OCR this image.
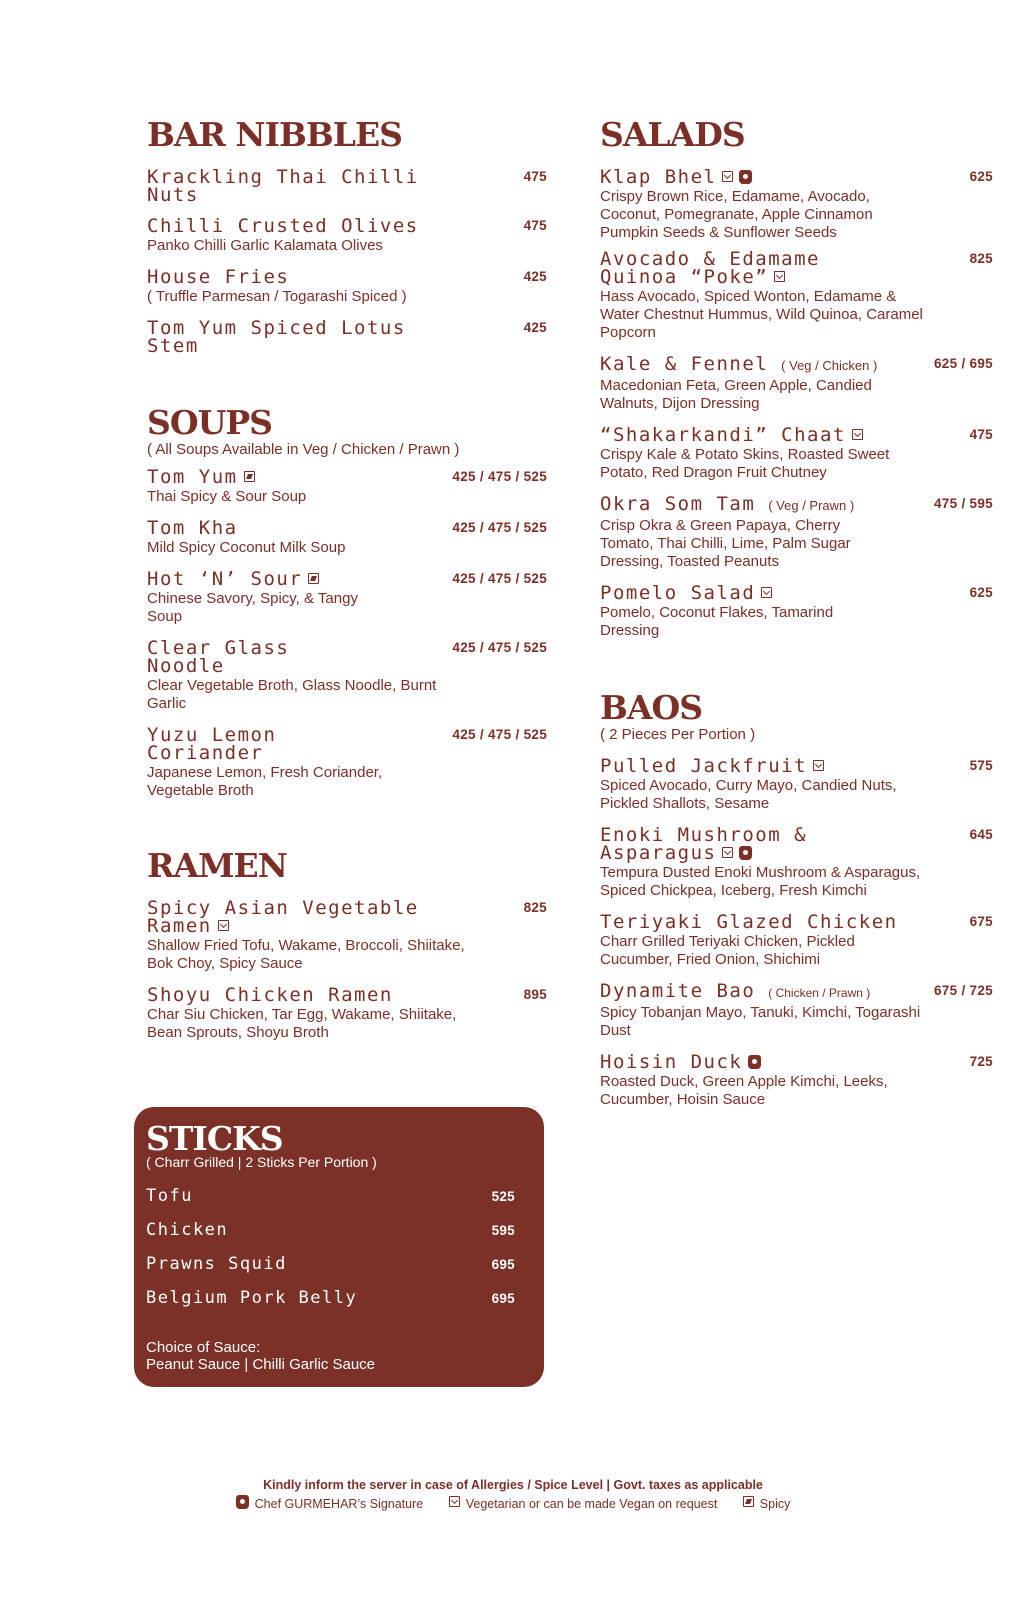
BAR NIBBLES
Krackling Thai Chilli Nuts
475
Chilli Crusted Olives
Panko Chilli Garlic Kalamata Olives
475
House Fries
( Truffle Parmesan / Togarashi Spiced )
425
Tom Yum Spiced Lotus Stem
425
SOUPS
( All Soups Available in Veg / Chicken / Prawn )
Tom Yum
Thai Spicy & Sour Soup
425 / 475 / 525
Tom Kha
Mild Spicy Coconut Milk Soup
425 / 475 / 525
Hot ‘N’ Sour
Chinese Savory, Spicy, & Tangy Soup
425 / 475 / 525
Clear Glass Noodle
Clear Vegetable Broth, Glass Noodle, Burnt Garlic
425 / 475 / 525
Yuzu Lemon Coriander
Japanese Lemon, Fresh Coriander, Vegetable Broth
425 / 475 / 525
RAMEN
Spicy Asian Vegetable Ramen
Shallow Fried Tofu, Wakame, Broccoli, Shiitake, Bok Choy, Spicy Sauce
825
Shoyu Chicken Ramen
Char Siu Chicken, Tar Egg, Wakame, Shiitake, Bean Sprouts, Shoyu Broth
895
STICKS
( Charr Grilled | 2 Sticks Per Portion )
Tofu	525
Chicken	595
Prawns Squid	695
Belgium Pork Belly	695
Choice of Sauce:
Peanut Sauce | Chilli Garlic Sauce
SALADS
Klap Bhel
Crispy Brown Rice, Edamame, Avocado, Coconut, Pomegranate, Apple Cinnamon Pumpkin Seeds & Sunflower Seeds
625
Avocado & Edamame Quinoa “Poke”
Hass Avocado, Spiced Wonton, Edamame & Water Chestnut Hummus, Wild Quinoa, Caramel Popcorn
825
Kale & Fennel ( Veg / Chicken )
Macedonian Feta, Green Apple, Candied Walnuts, Dijon Dressing
625 / 695
“Shakarkandi” Chaat
Crispy Kale & Potato Skins, Roasted Sweet Potato, Red Dragon Fruit Chutney
475
Okra Som Tam ( Veg / Prawn )
Crisp Okra & Green Papaya, Cherry Tomato, Thai Chilli, Lime, Palm Sugar Dressing, Toasted Peanuts
475 / 595
Pomelo Salad
Pomelo, Coconut Flakes, Tamarind Dressing
625
BAOS
( 2 Pieces Per Portion )
Pulled Jackfruit
Spiced Avocado, Curry Mayo, Candied Nuts, Pickled Shallots, Sesame
575
Enoki Mushroom & Asparagus
Tempura Dusted Enoki Mushroom & Asparagus, Spiced Chickpea, Iceberg, Fresh Kimchi
645
Teriyaki Glazed Chicken
Charr Grilled Teriyaki Chicken, Pickled Cucumber, Fried Onion, Shichimi
675
Dynamite Bao ( Chicken / Prawn )
Spicy Tobanjan Mayo, Tanuki, Kimchi, Togarashi Dust
675 / 725
Hoisin Duck
Roasted Duck, Green Apple Kimchi, Leeks, Cucumber, Hoisin Sauce
725
Kindly inform the server in case of Allergies / Spice Level | Govt. taxes as applicable
Chef GURMEHAR’s Signature	Vegetarian or can be made Vegan on request	Spicy
